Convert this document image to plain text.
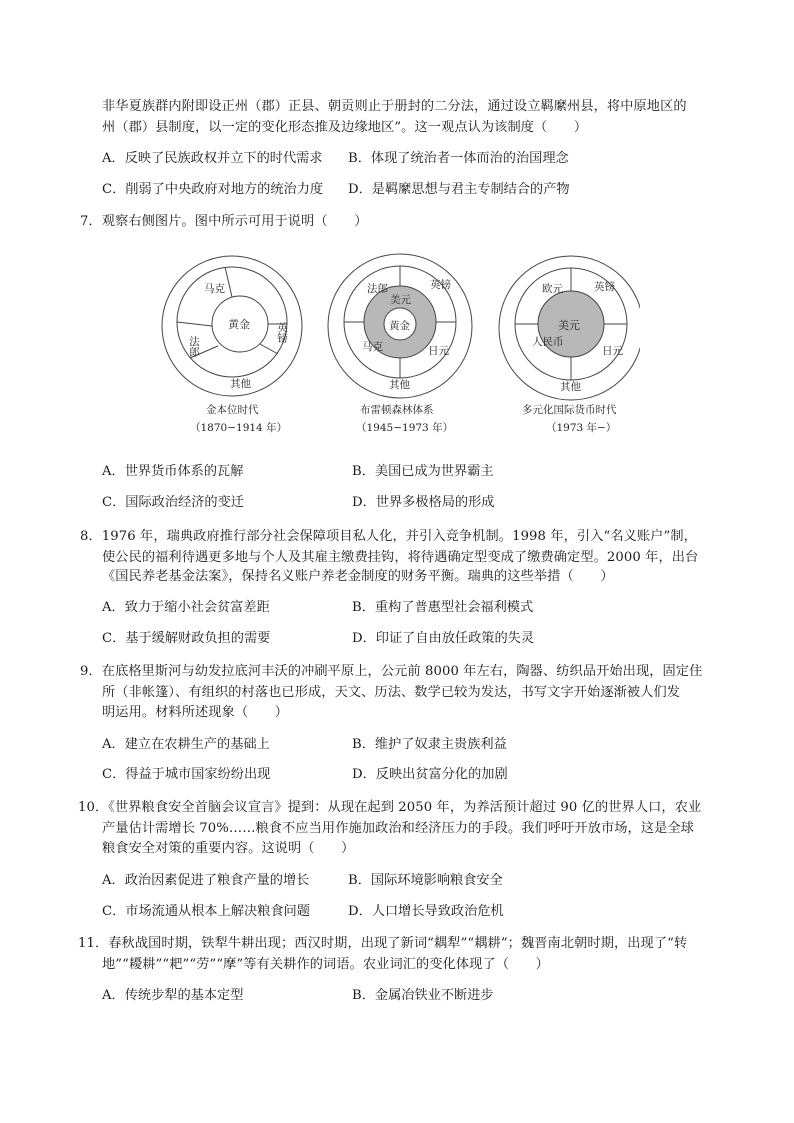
非华夏族群内附即设正州（郡）正县、朝贡则止于册封的二分法，通过设立羁縻州县，将中原地区的
州（郡）县制度，以一定的变化形态推及边缘地区”。这一观点认为该制度（　　）
A．反映了民族政权并立下的时代需求 B．体现了统治者一体而治的治国理念
C．削弱了中央政府对地方的统治力度 D．是羁縻思想与君主专制结合的产物
7．观察右侧图片。图中所示可用于说明（　　）
马克
法郎
英镑
黄金
其他
金本位时代
（1870−1914 年）
法郎	英镑
马克	日元
美元
黄金
其他
布雷顿森林体系
（1945−1973 年）
欧元	英镑
人民币
日元
美元
其他
多元化国际货币时代
（1973 年−）
A．世界货币体系的瓦解	B．美国已成为世界霸主
C．国际政治经济的变迁	D．世界多极格局的形成
8．1976 年，瑞典政府推行部分社会保障项目私人化，并引入竞争机制。1998 年，引入“名义账户”制，
使公民的福利待遇更多地与个人及其雇主缴费挂钩，将待遇确定型变成了缴费确定型。2000 年，出台
《国民养老基金法案》，保持名义账户养老金制度的财务平衡。瑞典的这些举措（　　）
A．致力于缩小社会贫富差距	B．重构了普惠型社会福利模式
C．基于缓解财政负担的需要	D．印证了自由放任政策的失灵
9．在底格里斯河与幼发拉底河丰沃的冲刷平原上，公元前 8000 年左右，陶器、纺织品开始出现，固定住
所（非帐篷）、有组织的村落也已形成，天文、历法、数学已较为发达，书写文字开始逐渐被人们发
明运用。材料所述现象（　　）
A．建立在农耕生产的基础上	B．维护了奴隶主贵族利益
C．得益于城市国家纷纷出现	D．反映出贫富分化的加剧
10．《世界粮食安全首脑会议宣言》提到：从现在起到 2050 年，为养活预计超过 90 亿的世界人口，农业
产量估计需增长 70%……粮食不应当用作施加政治和经济压力的手段。我们呼吁开放市场，这是全球
粮食安全对策的重要内容。这说明（　　）
A．政治因素促进了粮食产量的增长	B．国际环境影响粮食安全
C．市场流通从根本上解决粮食问题	D．人口增长导致政治危机
11．春秋战国时期，铁犁牛耕出现；西汉时期，出现了新词“耦犁”“耦耕”；魏晋南北朝时期，出现了“转
地”“耰耕”“耙”“劳”“摩”等有关耕作的词语。农业词汇的变化体现了（　　）
A．传统步犁的基本定型	B．金属冶铁业不断进步
